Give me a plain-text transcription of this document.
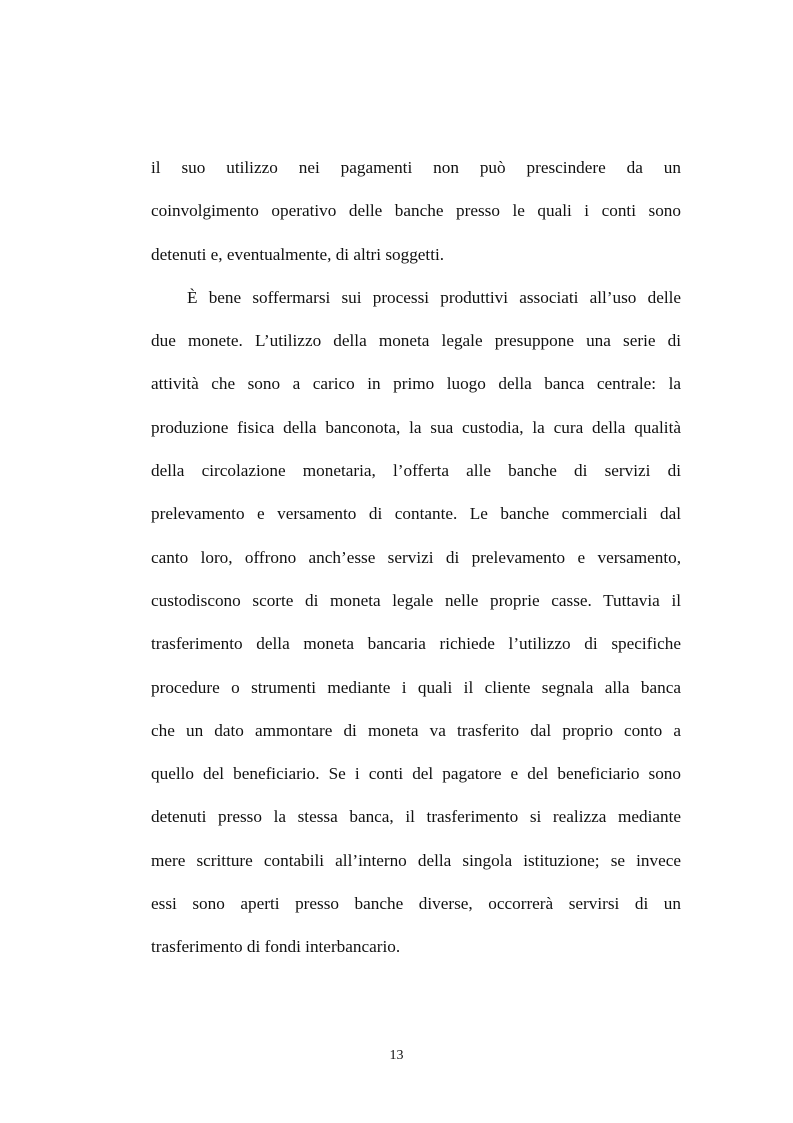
il suo utilizzo nei pagamenti non può prescindere da un
coinvolgimento operativo delle banche presso le quali i conti sono
detenuti e, eventualmente, di altri soggetti.
È bene soffermarsi sui processi produttivi associati all’uso delle
due monete. L’utilizzo della moneta legale presuppone una serie di
attività che sono a carico in primo luogo della banca centrale: la
produzione fisica della banconota, la sua custodia, la cura della qualità
della circolazione monetaria, l’offerta alle banche di servizi di
prelevamento e versamento di contante. Le banche commerciali dal
canto loro, offrono anch’esse servizi di prelevamento e versamento,
custodiscono scorte di moneta legale nelle proprie casse. Tuttavia il
trasferimento della moneta bancaria richiede l’utilizzo di specifiche
procedure o strumenti mediante i quali il cliente segnala alla banca
che un dato ammontare di moneta va trasferito dal proprio conto a
quello del beneficiario. Se i conti del pagatore e del beneficiario sono
detenuti presso la stessa banca, il trasferimento si realizza mediante
mere scritture contabili all’interno della singola istituzione; se invece
essi sono aperti presso banche diverse, occorrerà servirsi di un
trasferimento di fondi interbancario.
13
